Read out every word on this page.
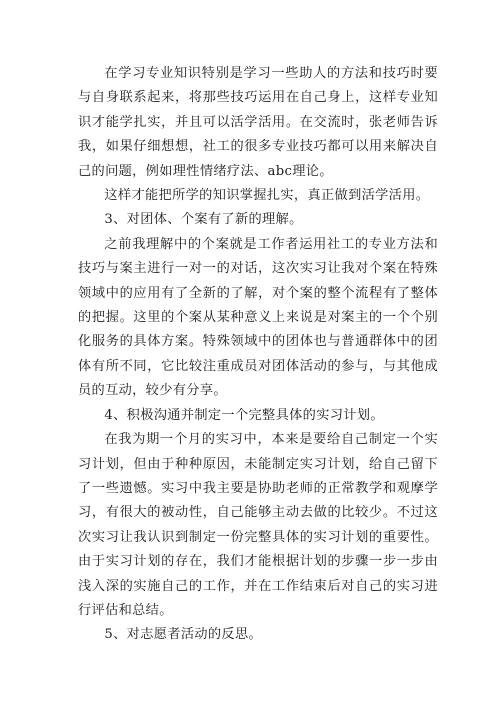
在学习专业知识特别是学习一些助人的方法和技巧时要与自身联系起来，将那些技巧运用在自己身上，这样专业知识才能学扎实，并且可以活学活用。在交流时，张老师告诉我，如果仔细想想，社工的很多专业技巧都可以用来解决自己的问题，例如理性情绪疗法、abc理论。

这样才能把所学的知识掌握扎实，真正做到活学活用。

3、对团体、个案有了新的理解。

之前我理解中的个案就是工作者运用社工的专业方法和技巧与案主进行一对一的对话，这次实习让我对个案在特殊领域中的应用有了全新的了解，对个案的整个流程有了整体的把握。这里的个案从某种意义上来说是对案主的一个个别化服务的具体方案。特殊领域中的团体也与普通群体中的团体有所不同，它比较注重成员对团体活动的参与，与其他成员的互动，较少有分享。

4、积极沟通并制定一个完整具体的实习计划。

在我为期一个月的实习中，本来是要给自己制定一个实习计划，但由于种种原因，未能制定实习计划，给自己留下了一些遗憾。实习中我主要是协助老师的正常教学和观摩学习，有很大的被动性，自己能够主动去做的比较少。不过这次实习让我认识到制定一份完整具体的实习计划的重要性。由于实习计划的存在，我们才能根据计划的步骤一步一步由浅入深的实施自己的工作，并在工作结束后对自己的实习进行评估和总结。

5、对志愿者活动的反思。
